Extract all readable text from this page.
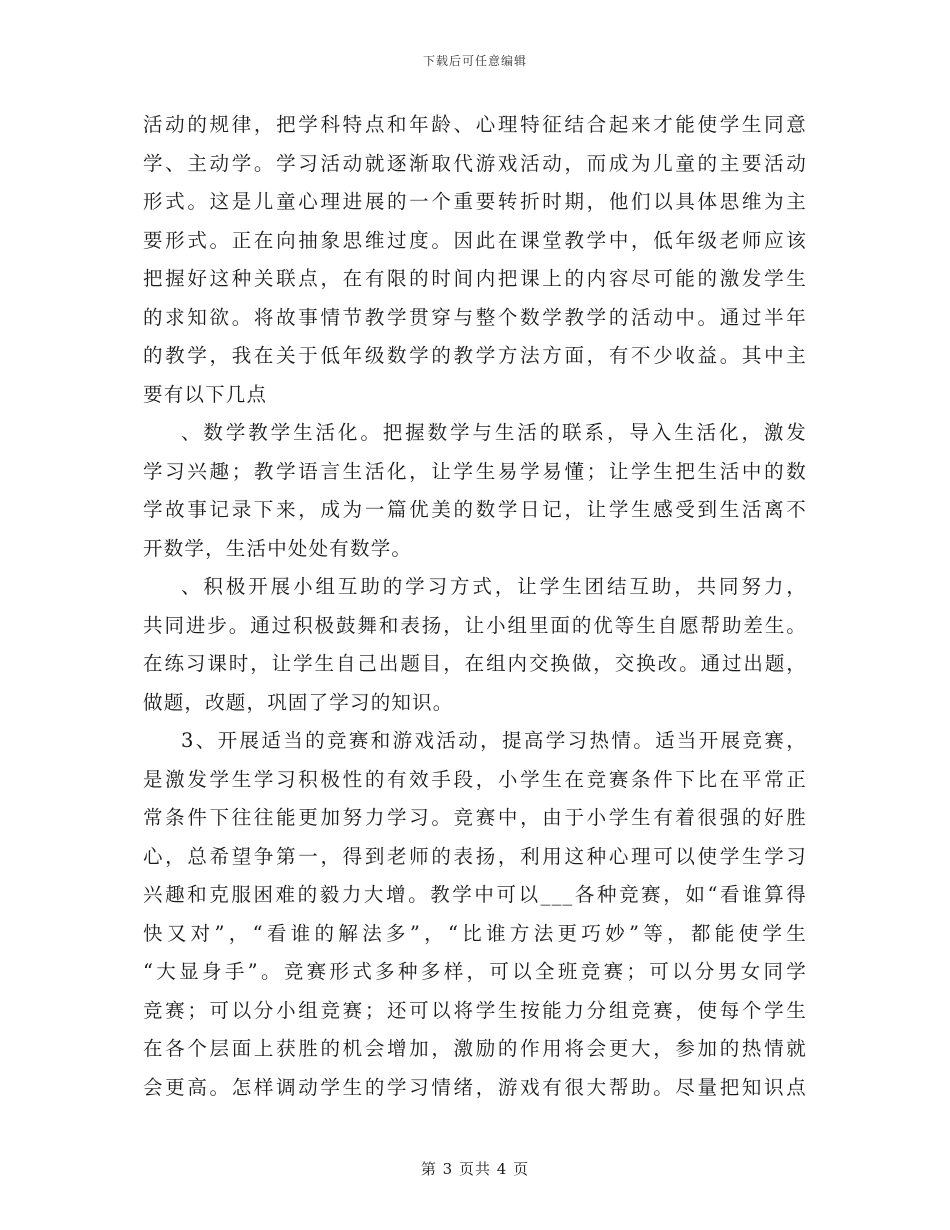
下载后可任意编辑
活动的规律，把学科特点和年龄、心理特征结合起来才能使学生同意
学、主动学。学习活动就逐渐取代游戏活动，而成为儿童的主要活动
形式。这是儿童心理进展的一个重要转折时期，他们以具体思维为主
要形式。正在向抽象思维过度。因此在课堂教学中，低年级老师应该
把握好这种关联点，在有限的时间内把课上的内容尽可能的激发学生
的求知欲。将故事情节教学贯穿与整个数学教学的活动中。通过半年
的教学，我在关于低年级数学的教学方法方面，有不少收益。其中主
要有以下几点
、数学教学生活化。把握数学与生活的联系，导入生活化，激发
学习兴趣；教学语言生活化，让学生易学易懂；让学生把生活中的数
学故事记录下来，成为一篇优美的数学日记，让学生感受到生活离不
开数学，生活中处处有数学。
、积极开展小组互助的学习方式，让学生团结互助，共同努力，
共同进步。通过积极鼓舞和表扬，让小组里面的优等生自愿帮助差生。
在练习课时，让学生自己出题目，在组内交换做，交换改。通过出题，
做题，改题，巩固了学习的知识。
3、开展适当的竞赛和游戏活动，提高学习热情。适当开展竞赛，
是激发学生学习积极性的有效手段，小学生在竞赛条件下比在平常正
常条件下往往能更加努力学习。竞赛中，由于小学生有着很强的好胜
心，总希望争第一，得到老师的表扬，利用这种心理可以使学生学习
兴趣和克服困难的毅力大增。教学中可以___各种竞赛，如“看谁算得
快又对”，“看谁的解法多”，“比谁方法更巧妙”等，都能使学生
“大显身手”。竞赛形式多种多样，可以全班竞赛；可以分男女同学
竞赛；可以分小组竞赛；还可以将学生按能力分组竞赛，使每个学生
在各个层面上获胜的机会增加，激励的作用将会更大，参加的热情就
会更高。怎样调动学生的学习情绪，游戏有很大帮助。尽量把知识点
第 3 页共 4 页
